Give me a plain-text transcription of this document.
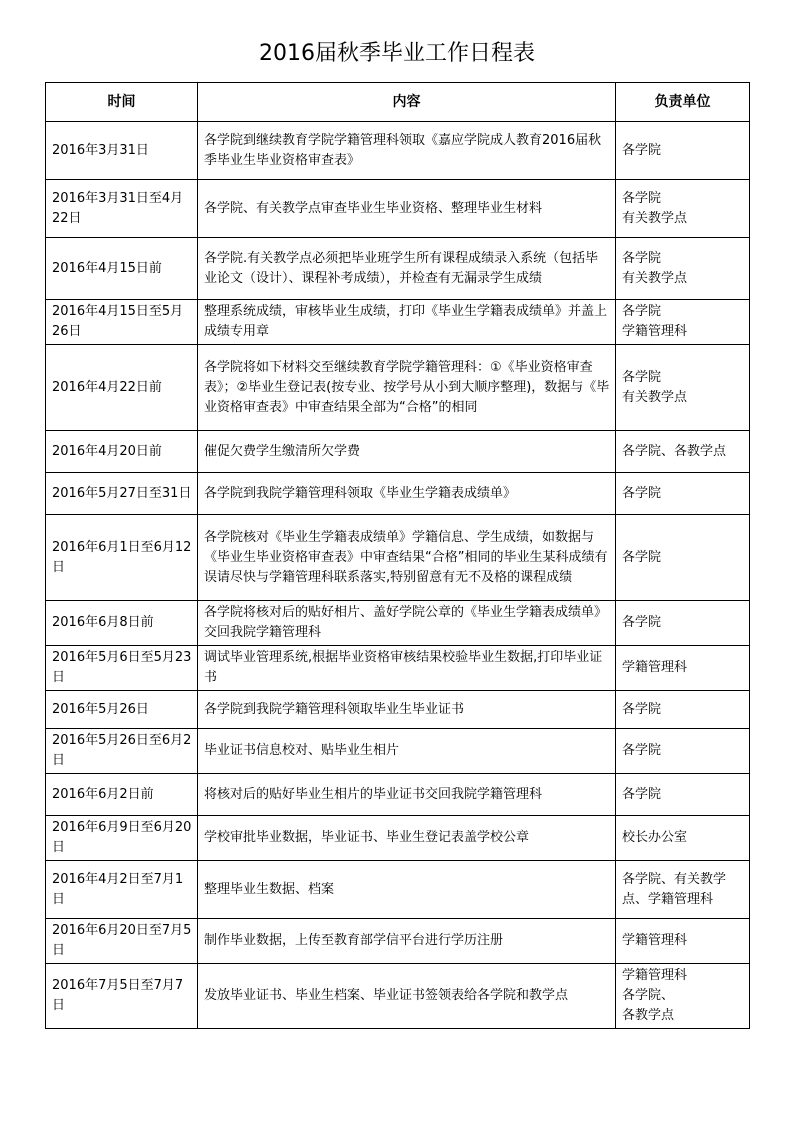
2016届秋季毕业工作日程表
时间	内容	负责单位
2016年3月31日	各学院到继续教育学院学籍管理科领取《嘉应学院成人教育2016届秋季毕业生毕业资格审查表》	各学院
2016年3月31日至4月22日	各学院、有关教学点审查毕业生毕业资格、整理毕业生材料	各学院
有关教学点
2016年4月15日前	各学院.有关教学点必须把毕业班学生所有课程成绩录入系统（包括毕业论文（设计）、课程补考成绩），并检查有无漏录学生成绩	各学院
有关教学点
2016年4月15日至5月26日	整理系统成绩，审核毕业生成绩，打印《毕业生学籍表成绩单》并盖上成绩专用章	各学院
学籍管理科
2016年4月22日前	各学院将如下材料交至继续教育学院学籍管理科：①《毕业资格审查表》；②毕业生登记表(按专业、按学号从小到大顺序整理)，数据与《毕业资格审查表》中审查结果全部为“合格”的相同	各学院
有关教学点
2016年4月20日前	催促欠费学生缴清所欠学费	各学院、各教学点
2016年5月27日至31日	各学院到我院学籍管理科领取《毕业生学籍表成绩单》	各学院
2016年6月1日至6月12日	各学院核对《毕业生学籍表成绩单》学籍信息、学生成绩，如数据与《毕业生毕业资格审查表》中审查结果“合格”相同的毕业生某科成绩有误请尽快与学籍管理科联系落实,特别留意有无不及格的课程成绩	各学院
2016年6月8日前	各学院将核对后的贴好相片、盖好学院公章的《毕业生学籍表成绩单》交回我院学籍管理科	各学院
2016年5月6日至5月23日	调试毕业管理系统,根据毕业资格审核结果校验毕业生数据,打印毕业证书	学籍管理科
2016年5月26日	各学院到我院学籍管理科领取毕业生毕业证书	各学院
2016年5月26日至6月2日	毕业证书信息校对、贴毕业生相片	各学院
2016年6月2日前	将核对后的贴好毕业生相片的毕业证书交回我院学籍管理科	各学院
2016年6月9日至6月20日	学校审批毕业数据，毕业证书、毕业生登记表盖学校公章	校长办公室
2016年4月2日至7月1日	整理毕业生数据、档案	各学院、有关教学点、学籍管理科
2016年6月20日至7月5日	制作毕业数据，上传至教育部学信平台进行学历注册	学籍管理科
2016年7月5日至7月7日	发放毕业证书、毕业生档案、毕业证书签领表给各学院和教学点	学籍管理科
各学院、
各教学点
